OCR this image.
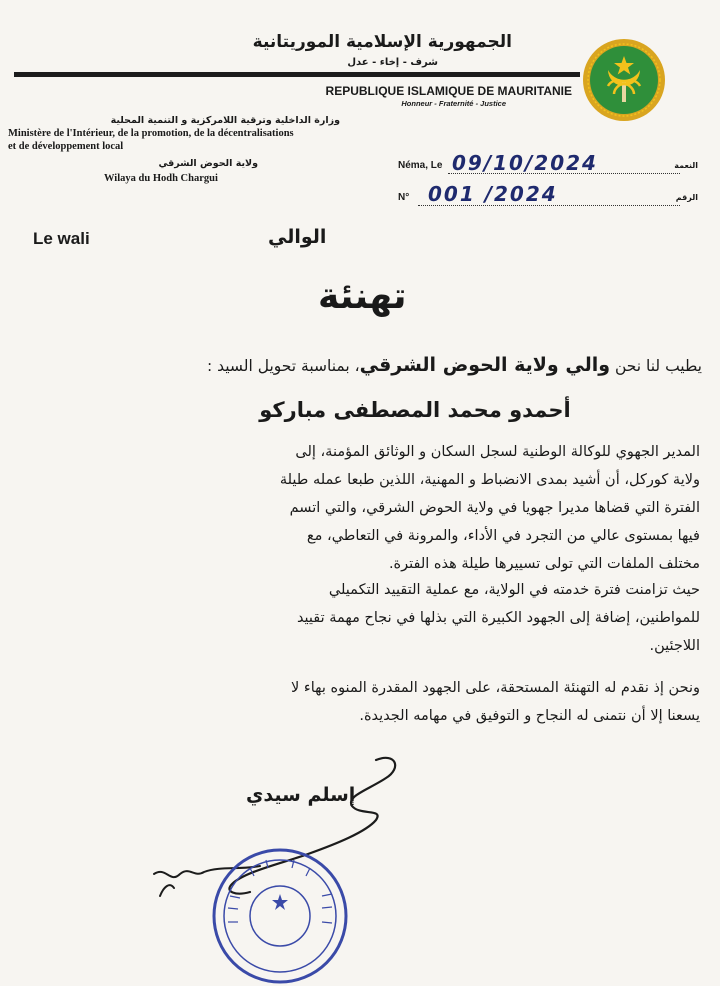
الجمهورية الإسلامية الموريتانية
شرف - إخاء - عدل
REPUBLIQUE ISLAMIQUE DE MAURITANIE
Honneur - Fraternité - Justice
وزارة الداخلية وترقية اللامركزية و التنمية المحلية
Ministère de l'Intérieur, de la promotion, de la décentralisations
et de développement local
ولاية الحوض الشرقي
Wilaya du Hodh Chargui
Néma, Le 09/10/2024	النعمة
N° 001 /2024	الرقم
Le wali	الوالي
تهنئة
يطيب لنا نحن والي ولاية الحوض الشرقي، بمناسبة تحويل السيد :
أحمدو محمد المصطفى مباركو
المدير الجهوي للوكالة الوطنية لسجل السكان و الوثائق المؤمنة، إلى
ولاية كوركل، أن أشيد بمدى الانضباط و المهنية، اللذين طبعا عمله طيلة
الفترة التي قضاها مديرا جهويا في ولاية الحوض الشرقي، والتي اتسم
فيها بمستوى عالي من التجرد في الأداء، والمرونة في التعاطي، مع
مختلف الملفات التي تولى تسييرها طيلة هذه الفترة.
حيث تزامنت فترة خدمته في الولاية، مع عملية التقييد التكميلي
للمواطنين، إضافة إلى الجهود الكبيرة التي بذلها في نجاح مهمة تقييد
اللاجئين.
ونحن إذ نقدم له التهنئة المستحقة، على الجهود المقدرة المنوه بهاء لا
يسعنا إلا أن نتمنى له النجاح و التوفيق في مهامه الجديدة.
إسلم سيدي
